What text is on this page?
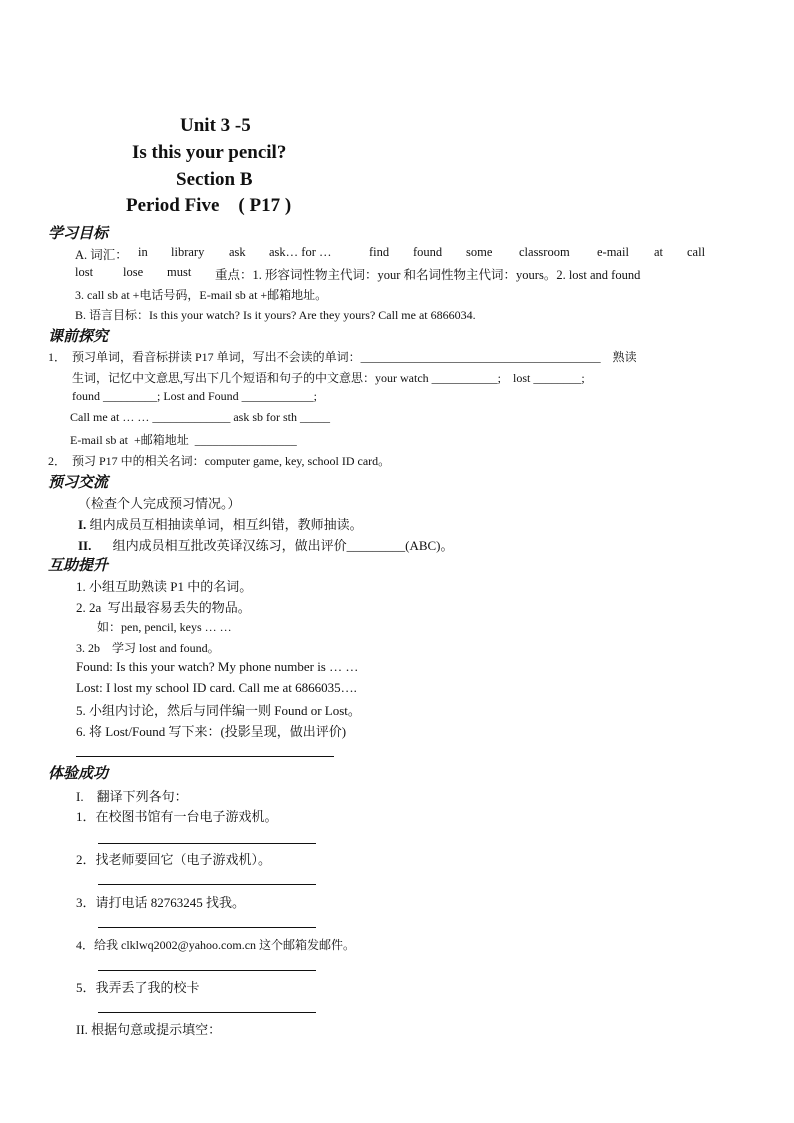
Unit 3 -5
Is this your pencil?
Section B
Period Five    ( P17 )
学习目标
A. 词汇： in library ask ask… for …	find found some classroom e-mail at call
lost lose must 重点：1. 形容词性物主代词：your 和名词性物主代词：yours。2. lost and found
3. call sb at +电话号码，E-mail sb at +邮箱地址。
B. 语言目标：Is this your watch? Is it yours? Are they yours? Call me at 6866034.
课前探究
1．  预习单词，看音标拼读 P17 单词，写出不会读的单词：________________________________________    熟读
生词，记忆中文意思,写出下几个短语和句子的中文意思：your watch ___________;    lost ________;
found _________; Lost and Found ____________;
Call me at … … _____________ ask sb for sth _____
E-mail sb at  +邮箱地址  _________________
2．  预习 P17 中的相关名词：computer game, key, school ID card。
预习交流
（检查个人完成预习情况。）
I. 组内成员互相抽读单词，相互纠错，教师抽读。
II. 组内成员相互批改英译汉练习，做出评价_________(ABC)。
互助提升
1. 小组互助熟读 P1 中的名词。
2. 2a  写出最容易丢失的物品。
如：pen, pencil, keys … …
3. 2b    学习 lost and found。
Found: Is this your watch? My phone number is … …
Lost: I lost my school ID card. Call me at 6866035….
5. 小组内讨论，然后与同伴编一则 Found or Lost。
6. 将 Lost/Found 写下来：(投影呈现，做出评价)
体验成功
I.    翻译下列各句：
1．在校图书馆有一台电子游戏机。
2．找老师要回它（电子游戏机）。
3．请打电话 82763245 找我。
4．给我 clklwq2002@yahoo.com.cn 这个邮箱发邮件。
5．我弄丢了我的校卡
II. 根据句意或提示填空：
